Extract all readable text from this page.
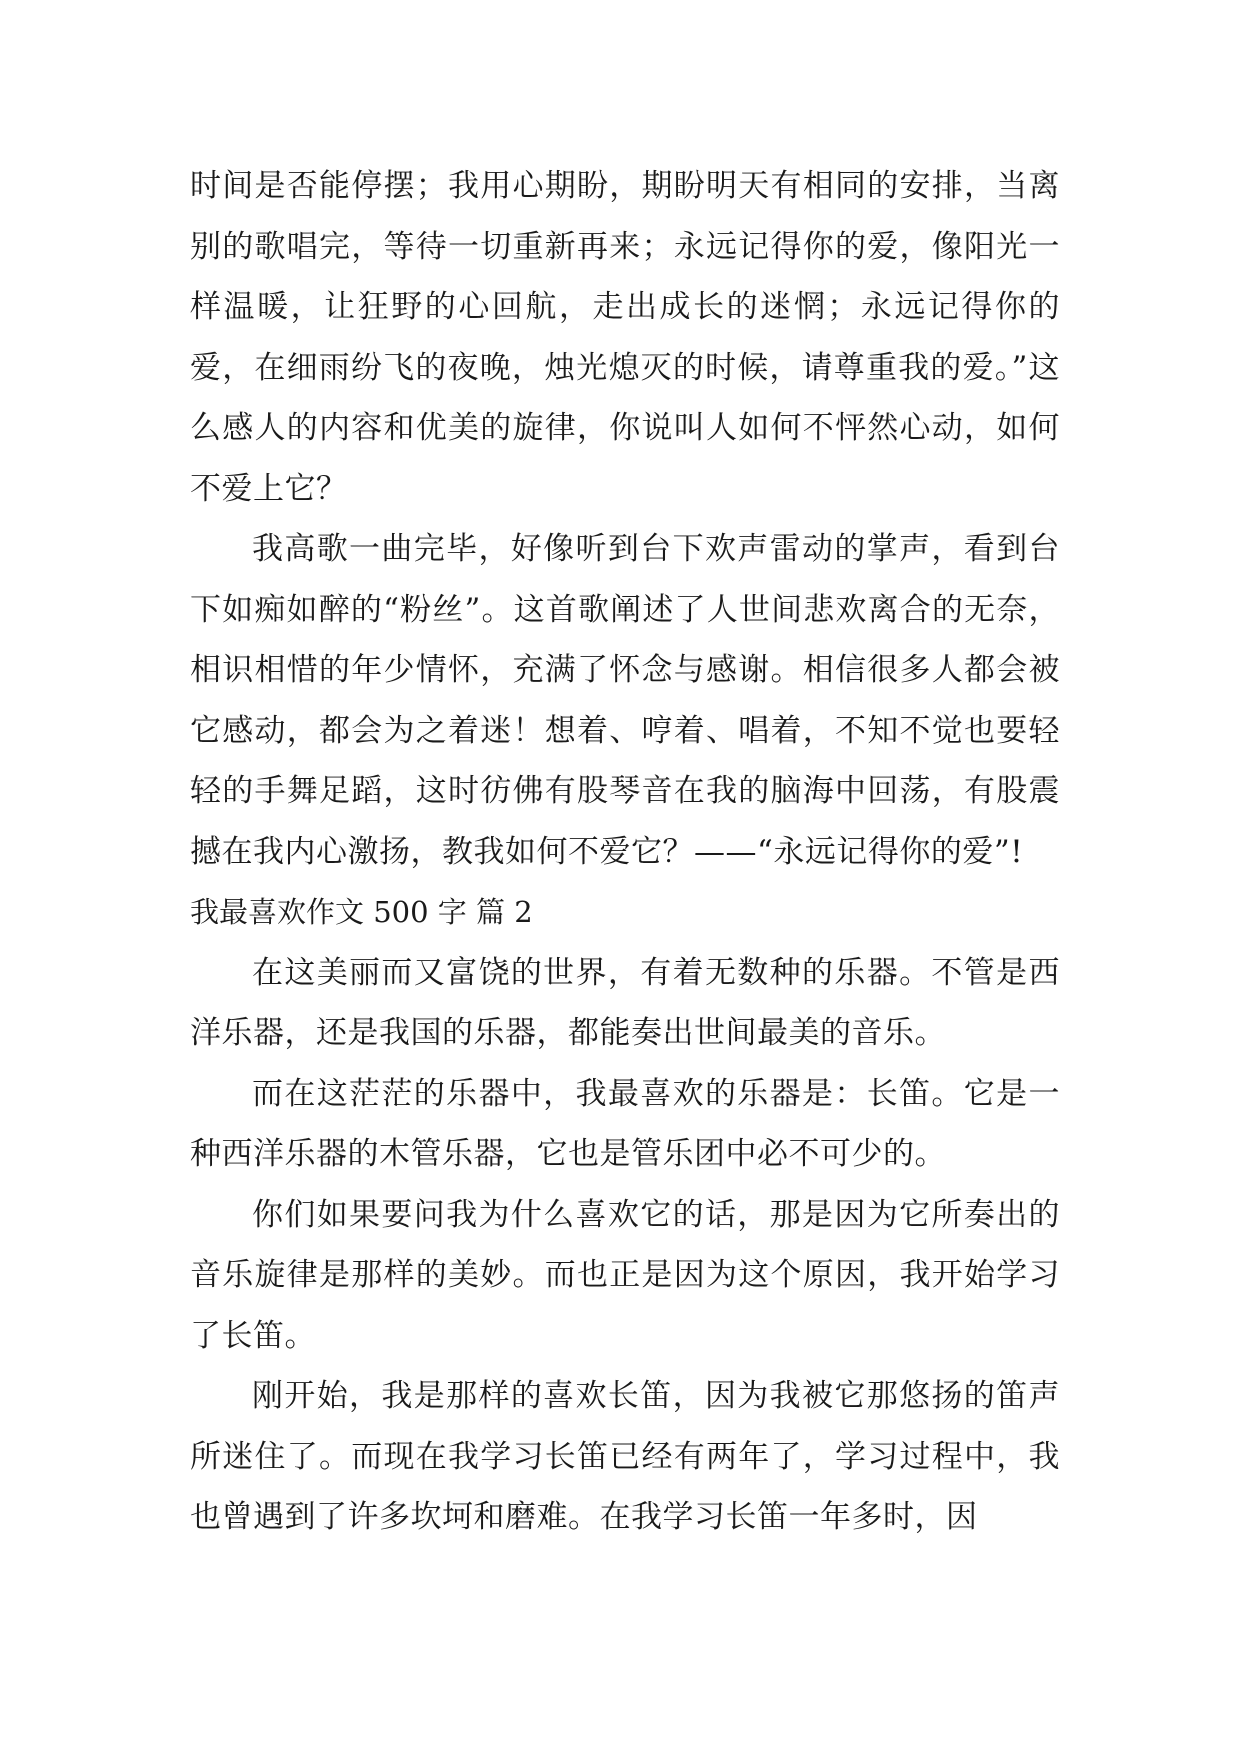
时间是否能停摆；我用心期盼，期盼明天有相同的安排，当离别的歌唱完，等待一切重新再来；永远记得你的爱，像阳光一样温暖，让狂野的心回航，走出成长的迷惘；永远记得你的爱，在细雨纷飞的夜晚，烛光熄灭的时候，请尊重我的爱。”这么感人的内容和优美的旋律，你说叫人如何不怦然心动，如何不爱上它？

我高歌一曲完毕，好像听到台下欢声雷动的掌声，看到台下如痴如醉的“粉丝”。这首歌阐述了人世间悲欢离合的无奈，相识相惜的年少情怀，充满了怀念与感谢。相信很多人都会被它感动，都会为之着迷！想着、哼着、唱着，不知不觉也要轻轻的手舞足蹈，这时彷佛有股琴音在我的脑海中回荡，有股震撼在我内心激扬，教我如何不爱它？——“永远记得你的爱”!

我最喜欢作文 500 字 篇 2

在这美丽而又富饶的世界，有着无数种的乐器。不管是西洋乐器，还是我国的乐器，都能奏出世间最美的音乐。

而在这茫茫的乐器中，我最喜欢的乐器是：长笛。它是一种西洋乐器的木管乐器，它也是管乐团中必不可少的。

你们如果要问我为什么喜欢它的话，那是因为它所奏出的音乐旋律是那样的美妙。而也正是因为这个原因，我开始学习了长笛。

刚开始，我是那样的喜欢长笛，因为我被它那悠扬的笛声所迷住了。而现在我学习长笛已经有两年了，学习过程中，我也曾遇到了许多坎坷和磨难。在我学习长笛一年多时，因
